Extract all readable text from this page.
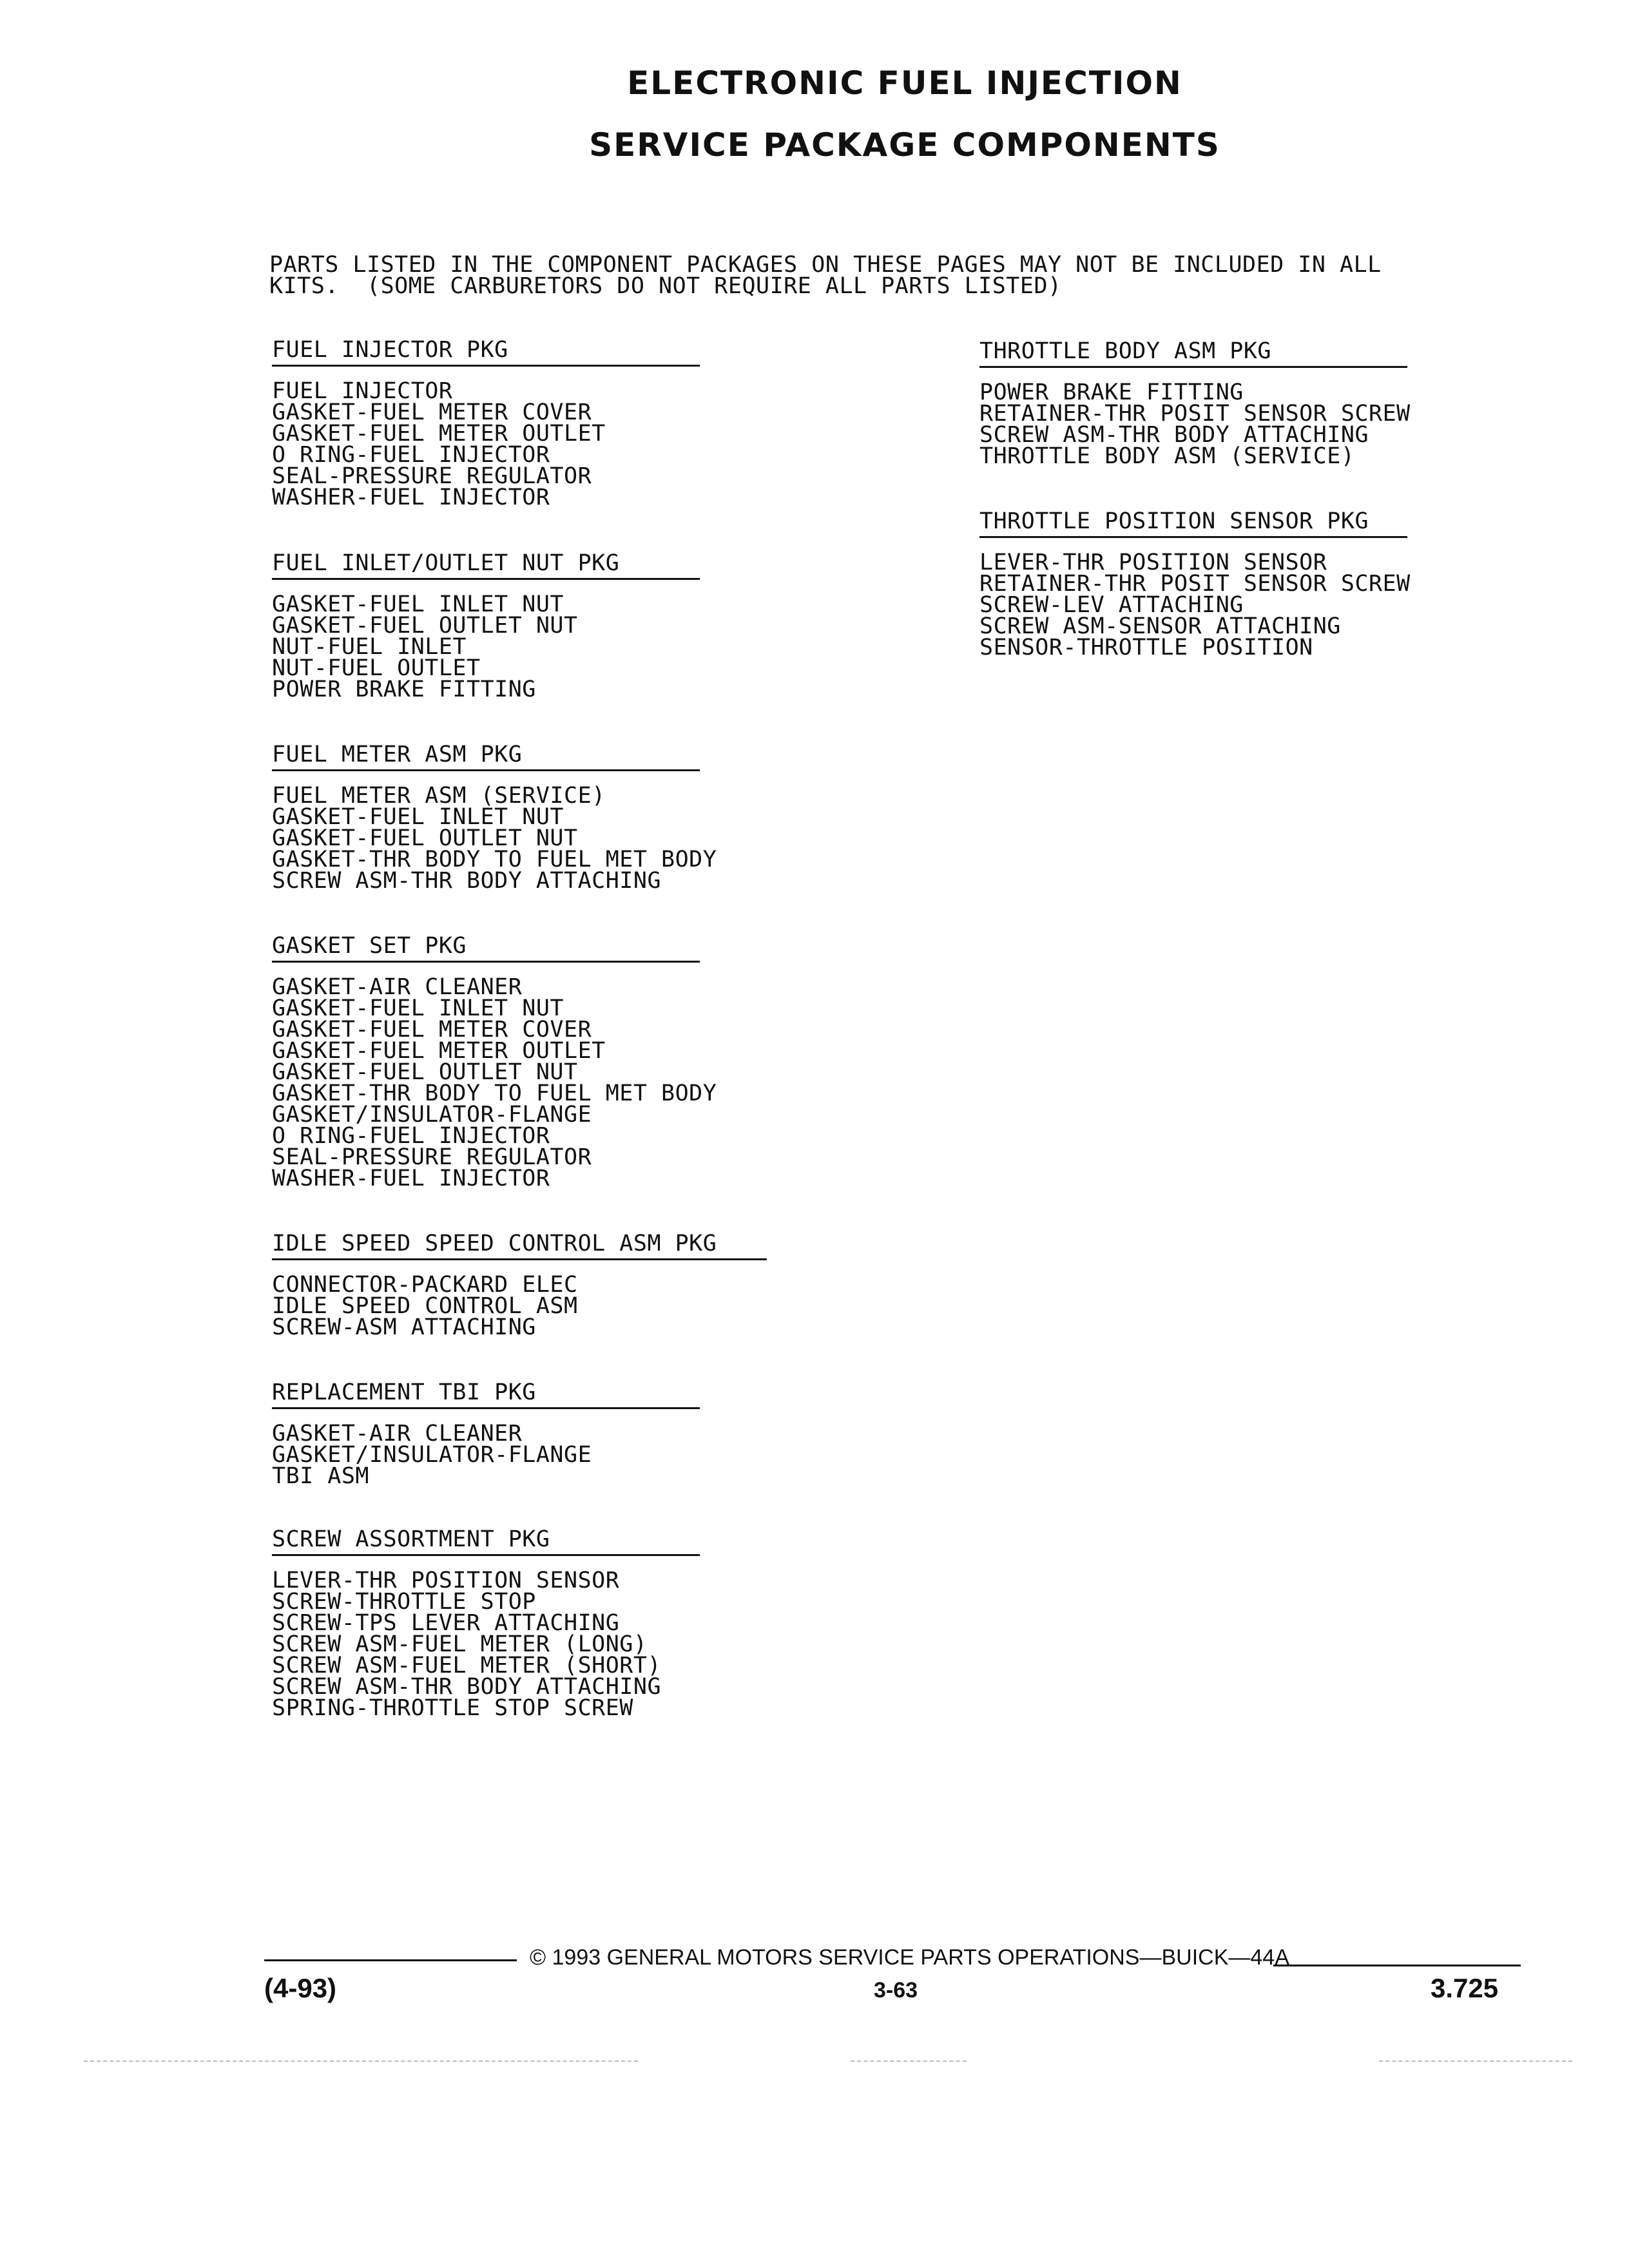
ELECTRONIC FUEL INJECTION
SERVICE PACKAGE COMPONENTS
PARTS LISTED IN THE COMPONENT PACKAGES ON THESE PAGES MAY NOT BE INCLUDED IN ALL
KITS.  (SOME CARBURETORS DO NOT REQUIRE ALL PARTS LISTED)
FUEL INJECTOR PKG
FUEL INJECTOR
GASKET-FUEL METER COVER
GASKET-FUEL METER OUTLET
O RING-FUEL INJECTOR
SEAL-PRESSURE REGULATOR
WASHER-FUEL INJECTOR
FUEL INLET/OUTLET NUT PKG
GASKET-FUEL INLET NUT
GASKET-FUEL OUTLET NUT
NUT-FUEL INLET
NUT-FUEL OUTLET
POWER BRAKE FITTING
FUEL METER ASM PKG
FUEL METER ASM (SERVICE)
GASKET-FUEL INLET NUT
GASKET-FUEL OUTLET NUT
GASKET-THR BODY TO FUEL MET BODY
SCREW ASM-THR BODY ATTACHING
GASKET SET PKG
GASKET-AIR CLEANER
GASKET-FUEL INLET NUT
GASKET-FUEL METER COVER
GASKET-FUEL METER OUTLET
GASKET-FUEL OUTLET NUT
GASKET-THR BODY TO FUEL MET BODY
GASKET/INSULATOR-FLANGE
O RING-FUEL INJECTOR
SEAL-PRESSURE REGULATOR
WASHER-FUEL INJECTOR
IDLE SPEED SPEED CONTROL ASM PKG
CONNECTOR-PACKARD ELEC
IDLE SPEED CONTROL ASM
SCREW-ASM ATTACHING
REPLACEMENT TBI PKG
GASKET-AIR CLEANER
GASKET/INSULATOR-FLANGE
TBI ASM
SCREW ASSORTMENT PKG
LEVER-THR POSITION SENSOR
SCREW-THROTTLE STOP
SCREW-TPS LEVER ATTACHING
SCREW ASM-FUEL METER (LONG)
SCREW ASM-FUEL METER (SHORT)
SCREW ASM-THR BODY ATTACHING
SPRING-THROTTLE STOP SCREW
THROTTLE BODY ASM PKG
POWER BRAKE FITTING
RETAINER-THR POSIT SENSOR SCREW
SCREW ASM-THR BODY ATTACHING
THROTTLE BODY ASM (SERVICE)
THROTTLE POSITION SENSOR PKG
LEVER-THR POSITION SENSOR
RETAINER-THR POSIT SENSOR SCREW
SCREW-LEV ATTACHING
SCREW ASM-SENSOR ATTACHING
SENSOR-THROTTLE POSITION
© 1993 GENERAL MOTORS SERVICE PARTS OPERATIONS—BUICK—44A
(4-93)	3-63	3.725
